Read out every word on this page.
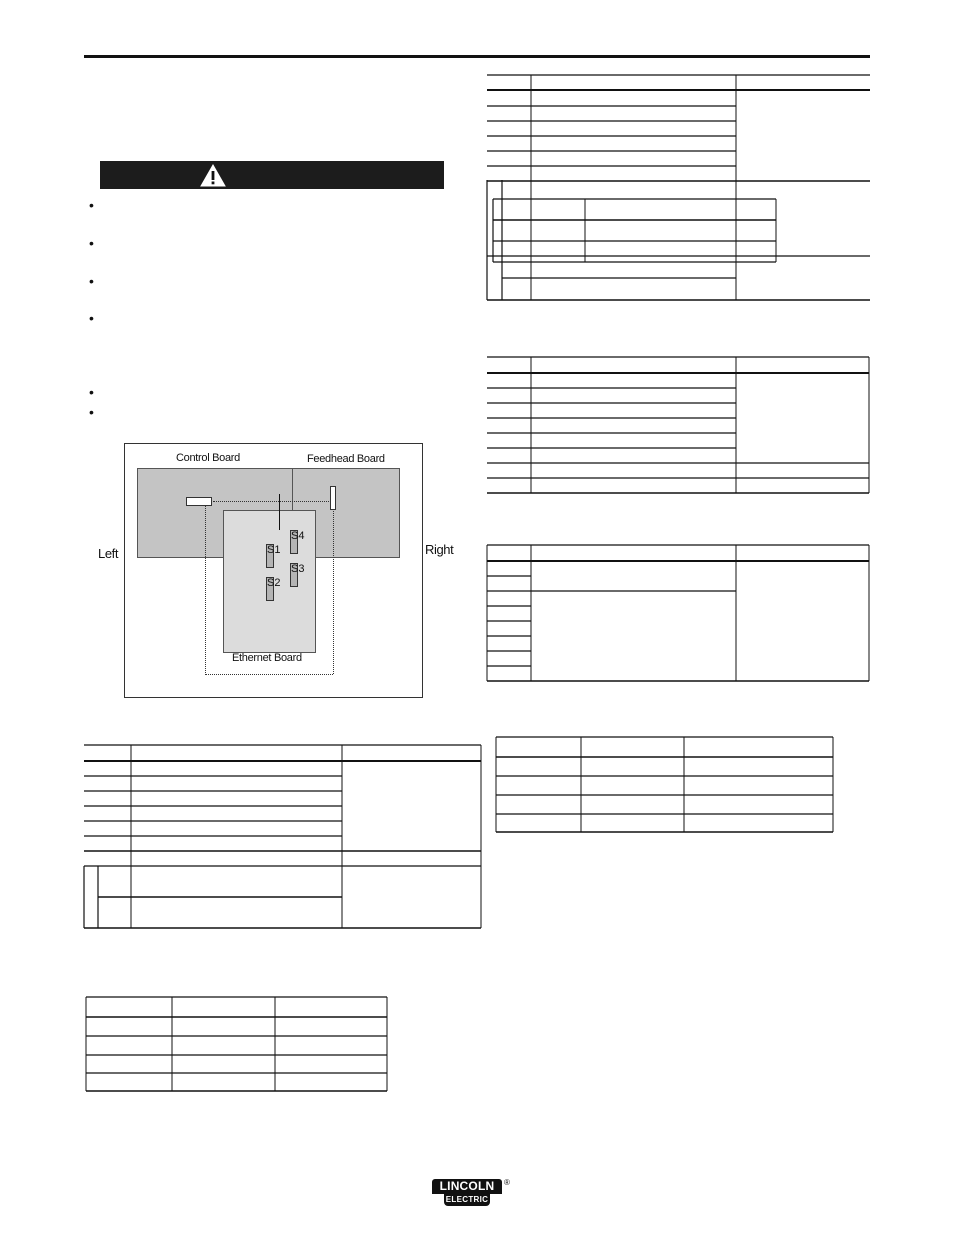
•
•
•
•
•
•
Control Board	Feedhead Board
Ethernet Board
S1
S2
S3
S4
Left	Right
LINCOLN
ELECTRIC
®
